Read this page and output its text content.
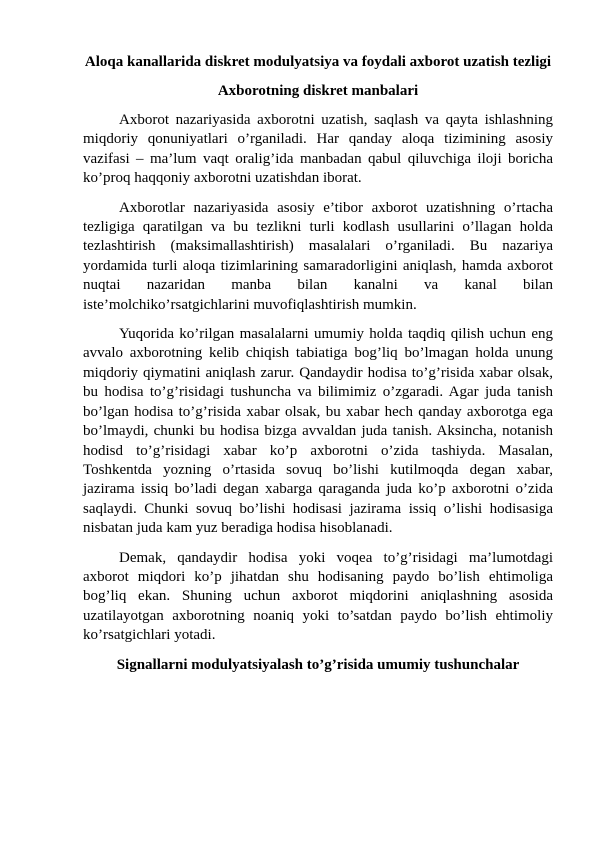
Aloqa kanallarida diskret modulyatsiya va foydali axborot uzatish tezligi

Axborotning diskret manbalari

Axborot nazariyasida axborotni uzatish, saqlash va qayta ishlashning miqdoriy qonuniyatlari o’rganiladi. Har qanday aloqa tizimining asosiy vazifasi – ma’lum vaqt oralig’ida manbadan qabul qiluvchiga iloji boricha ko’proq haqqoniy axborotni uzatishdan iborat.

Axborotlar nazariyasida asosiy e’tibor axborot uzatishning o’rtacha tezligiga qaratilgan va bu tezlikni turli kodlash usullarini o’llagan holda tezlashtirish (maksimallashtirish) masalalari o’rganiladi. Bu nazariya yordamida turli aloqa tizimlarining samaradorligini aniqlash, hamda axborot nuqtai nazaridan manba bilan kanalni va kanal bilan iste’molchiko’rsatgichlarini muvofiqlashtirish mumkin.

Yuqorida ko’rilgan masalalarni umumiy holda taqdiq qilish uchun eng avvalo axborotning kelib chiqish tabiatiga bog’liq bo’lmagan holda unung miqdoriy qiymatini aniqlash zarur. Qandaydir hodisa to’g’risida xabar olsak, bu hodisa to’g’risidagi tushuncha va bilimimiz o’zgaradi. Agar juda tanish bo’lgan hodisa to’g’risida xabar olsak, bu xabar hech qanday axborotga ega bo’lmaydi, chunki bu hodisa bizga avvaldan juda tanish. Aksincha, notanish hodisd to’g’risidagi xabar ko’p axborotni o’zida tashiyda. Masalan, Toshkentda yozning o’rtasida sovuq bo’lishi kutilmoqda degan xabar, jazirama issiq bo’ladi degan xabarga qaraganda juda ko’p axborotni o’zida saqlaydi. Chunki sovuq bo’lishi hodisasi jazirama issiq o’lishi hodisasiga nisbatan juda kam yuz beradiga hodisa hisoblanadi.

Demak, qandaydir hodisa yoki voqea to’g’risidagi ma’lumotdagi axborot miqdori ko’p jihatdan shu hodisaning paydo bo’lish ehtimoliga bog’liq ekan. Shuning uchun axborot miqdorini aniqlashning asosida uzatilayotgan axborotning noaniq yoki to’satdan paydo bo’lish ehtimoliy ko’rsatgichlari yotadi.

Signallarni modulyatsiyalash to’g’risida umumiy tushunchalar
